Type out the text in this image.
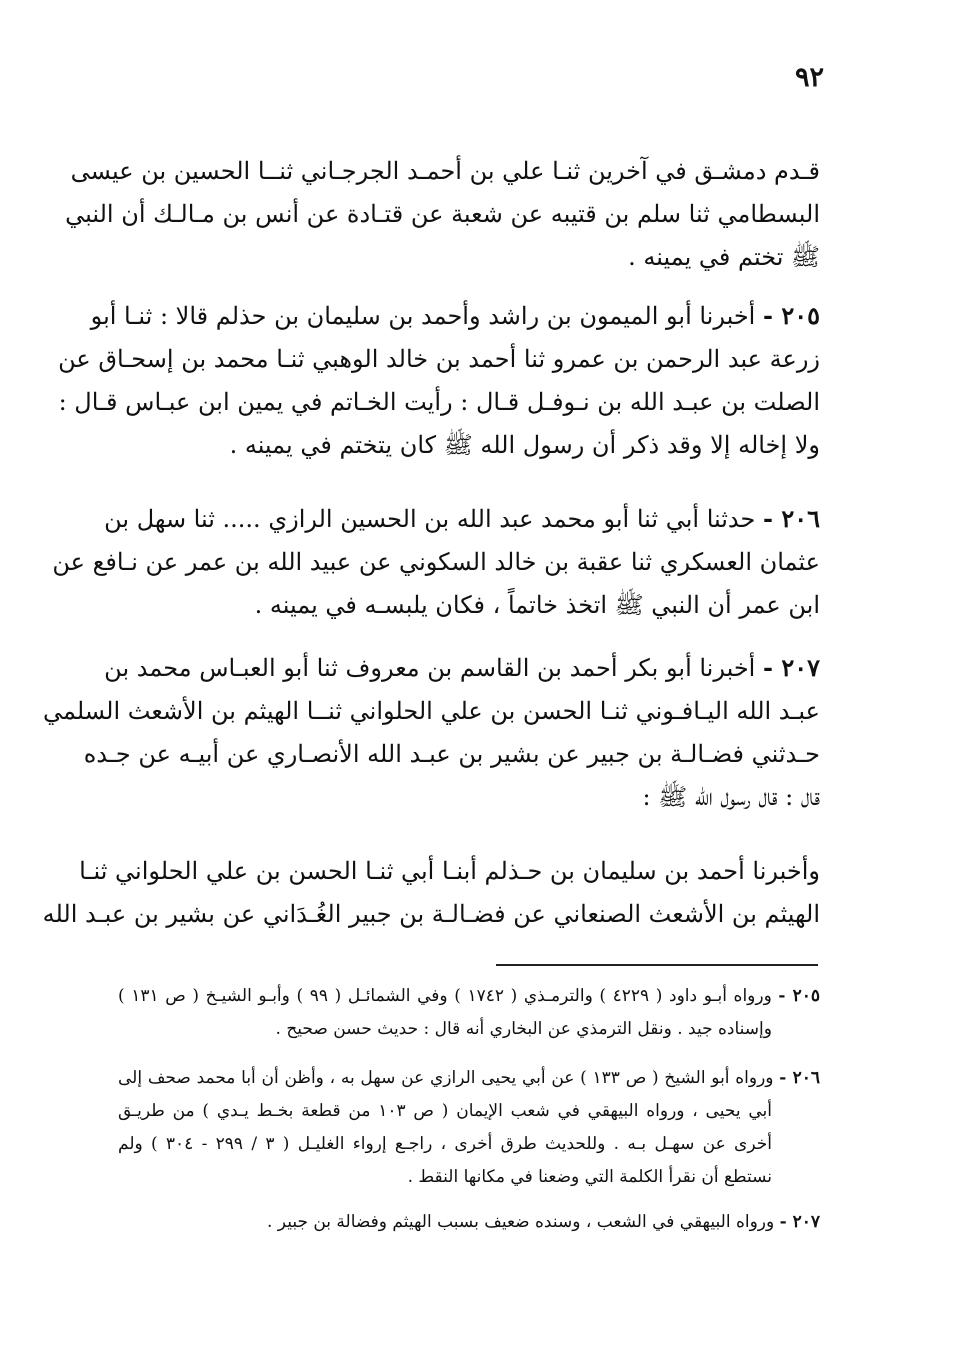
٩٢
قـدم دمشـق في آخرين ثنـا علي بن أحمـد الجرجـاني ثنــا الحسين بن عيسى
البسطامي ثنا سلم بن قتيبه عن شعبة عن قتـادة عن أنس بن مـالـك أن النبي
ﷺ تختم في يمينه .
٢٠٥ - أخبرنا أبو الميمون بن راشد وأحمد بن سليمان بن حذلم قالا : ثنـا أبو
زرعة عبد الرحمن بن عمرو ثنا أحمد بن خالد الوهبي ثنـا محمد بن إسحـاق عن
الصلت بن عبـد الله بن نـوفـل قـال : رأيت الخـاتم في يمين ابن عبـاس قـال :
ولا إخاله إلا وقد ذكر أن رسول الله ﷺ كان يتختم في يمينه .
٢٠٦ - حدثنا أبي ثنا أبو محمد عبد الله بن الحسين الرازي ..... ثنا سهل بن
عثمان العسكري ثنا عقبة بن خالد السكوني عن عبيد الله بن عمر عن نـافع عن
ابن عمر أن النبي ﷺ اتخذ خاتماً ، فكان يلبسـه في يمينه .
٢٠٧ - أخبرنا أبو بكر أحمد بن القاسم بن معروف ثنا أبو العبـاس محمد بن
عبـد الله اليـافـوني ثنـا الحسن بن علي الحلواني ثنــا الهيثم بن الأشعث السلمي
حـدثني فضـالـة بن جبير عن بشير بن عبـد الله الأنصـاري عن أبيـه عن جـده
قال : قال رسول الله ﷺ :
وأخبرنا أحمد بن سليمان بن حـذلم أبنـا أبي ثنـا الحسن بن علي الحلواني ثنـا
الهيثم بن الأشعث الصنعاني عن فضـالـة بن جبير الغُـدَاني عن بشير بن عبـد الله
٢٠٥ - ورواه أبـو داود ( ٤٢٢٩ ) والترمـذي ( ١٧٤٢ ) وفي الشمائـل ( ٩٩ ) وأبـو الشيـخ ( ص ١٣١ )
وإسناده جيد . ونقل الترمذي عن البخاري أنه قال : حديث حسن صحيح .
٢٠٦ - ورواه أبو الشيخ ( ص ١٣٣ ) عن أبي يحيى الرازي عن سهل به ، وأظن أن أبا محمد صحف إلى
أبي يحيى ، ورواه البيهقي في شعب الإيمان ( ص ١٠٣ من قطعة بخـط يـدي ) من طريـق
أخرى عن سهـل بـه . وللحديث طرق أخرى ، راجـع إرواء الغليـل ( ٣ / ٢٩٩ - ٣٠٤ ) ولم
نستطع أن نقرأ الكلمة التي وضعنا في مكانها النقط .
٢٠٧ - ورواه البيهقي في الشعب ، وسنده ضعيف بسبب الهيثم وفضالة بن جبير .
